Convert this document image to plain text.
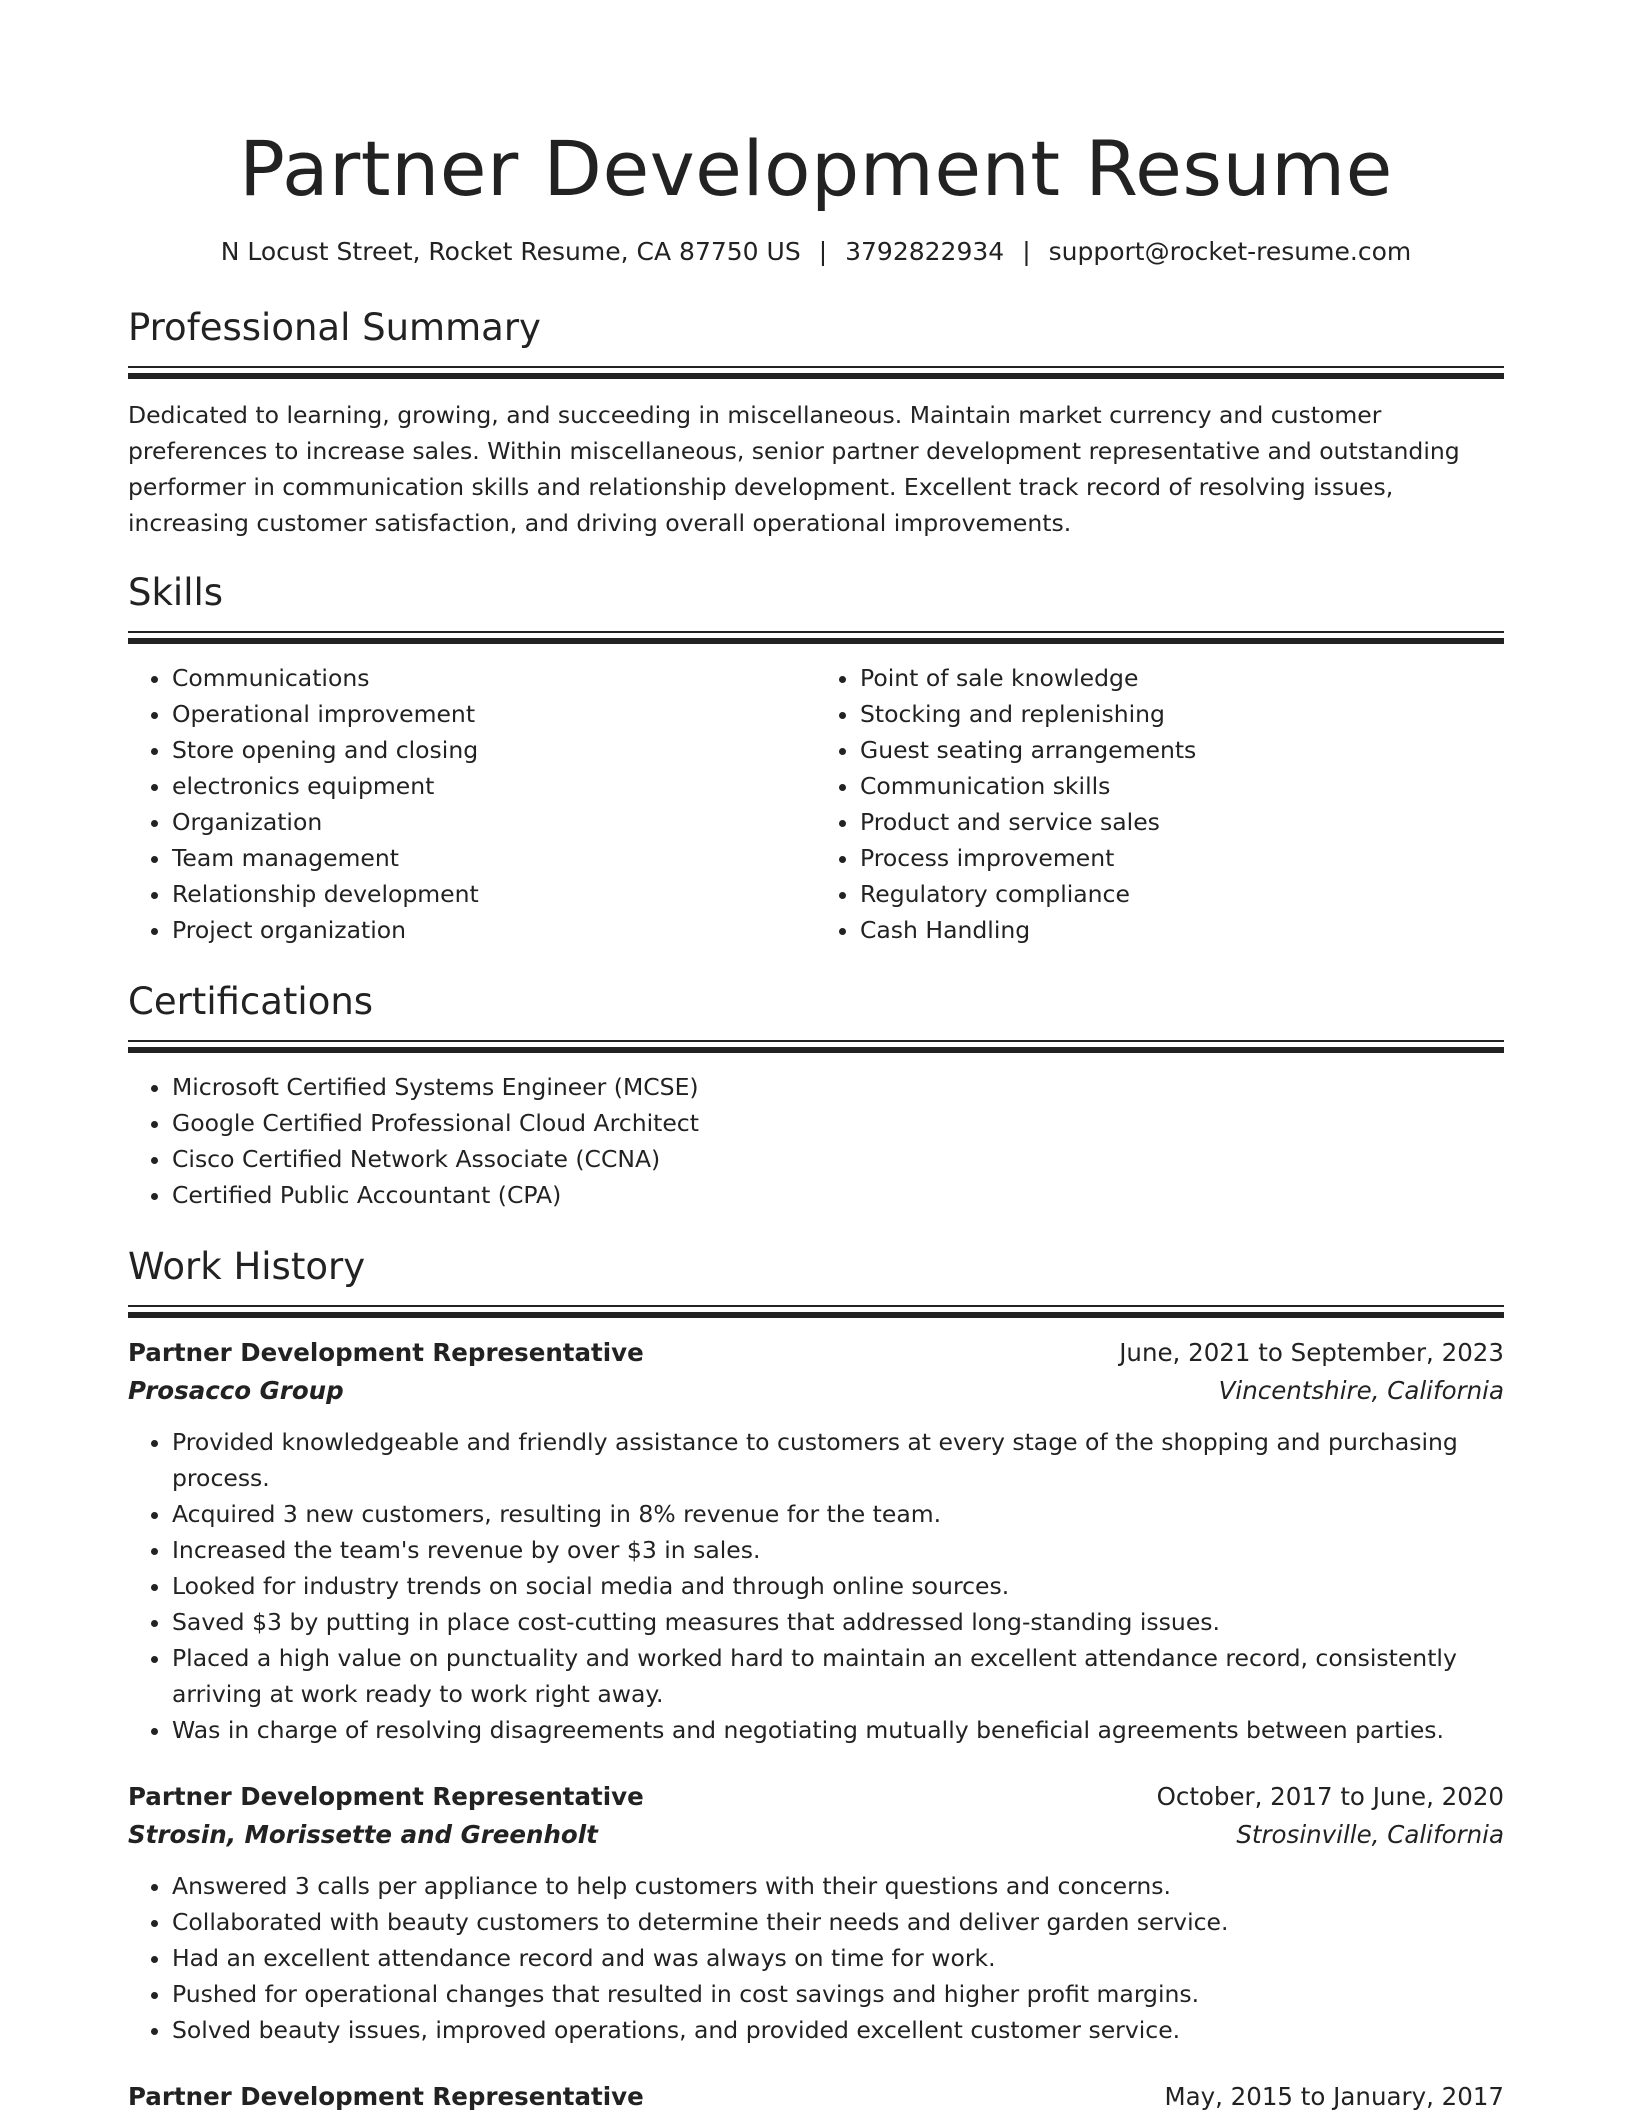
Partner Development Resume
N Locust Street, Rocket Resume, CA 87750 US | 3792822934 | support@rocket-resume.com
Professional Summary

Dedicated to learning, growing, and succeeding in miscellaneous. Maintain market currency and customer preferences to increase sales. Within miscellaneous, senior partner development representative and outstanding performer in communication skills and relationship development. Excellent track record of resolving issues, increasing customer satisfaction, and driving overall operational improvements.

Skills
• Communications
• Operational improvement
• Store opening and closing
• electronics equipment
• Organization
• Team management
• Relationship development
• Project organization
• Point of sale knowledge
• Stocking and replenishing
• Guest seating arrangements
• Communication skills
• Product and service sales
• Process improvement
• Regulatory compliance
• Cash Handling
Certifications
• Microsoft Certified Systems Engineer (MCSE)
• Google Certified Professional Cloud Architect
• Cisco Certified Network Associate (CCNA)
• Certified Public Accountant (CPA)
Work History
Partner Development Representative	June, 2021 to September, 2023
Prosacco Group	Vincentshire, California
• Provided knowledgeable and friendly assistance to customers at every stage of the shopping and purchasing process.
• Acquired 3 new customers, resulting in 8% revenue for the team.
• Increased the team's revenue by over $3 in sales.
• Looked for industry trends on social media and through online sources.
• Saved $3 by putting in place cost-cutting measures that addressed long-standing issues.
• Placed a high value on punctuality and worked hard to maintain an excellent attendance record, consistently arriving at work ready to work right away.
• Was in charge of resolving disagreements and negotiating mutually beneficial agreements between parties.
Partner Development Representative	October, 2017 to June, 2020
Strosin, Morissette and Greenholt	Strosinville, California
• Answered 3 calls per appliance to help customers with their questions and concerns.
• Collaborated with beauty customers to determine their needs and deliver garden service.
• Had an excellent attendance record and was always on time for work.
• Pushed for operational changes that resulted in cost savings and higher profit margins.
• Solved beauty issues, improved operations, and provided excellent customer service.
Partner Development Representative	May, 2015 to January, 2017
